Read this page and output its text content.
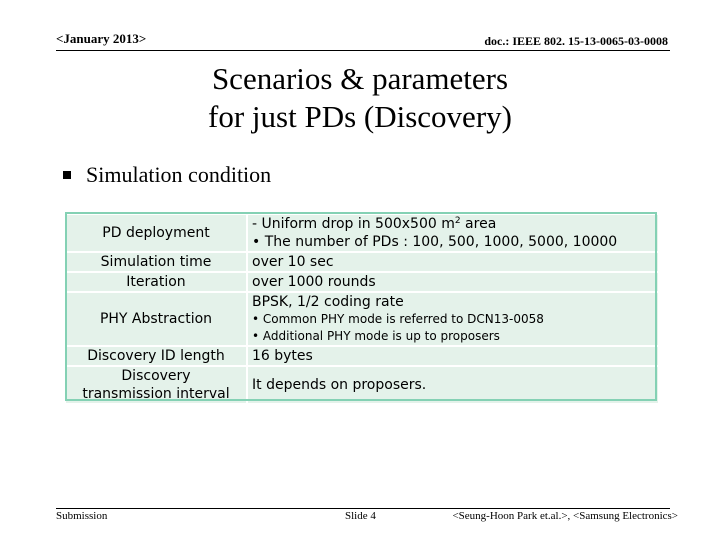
<January 2013>	doc.: IEEE 802. 15-13-0065-03-0008
Scenarios & parameters
for just PDs (Discovery)
Simulation condition
PD deployment	- Uniform drop in 500x500 $m^2$ area
• The number of PDs : 100, 500, 1000, 5000, 10000

Simulation time	over 10 sec
Iteration	over 1000 rounds
PHY Abstraction	BPSK, 1/2 coding rate
• Common PHY mode is referred to DCN13-0058
• Additional PHY mode is up to proposers

Discovery ID length	16 bytes

Discovery
transmission interval	It depends on proposers.
Submission	Slide 4	<Seung-Hoon Park et.al.>, <Samsung Electronics>
